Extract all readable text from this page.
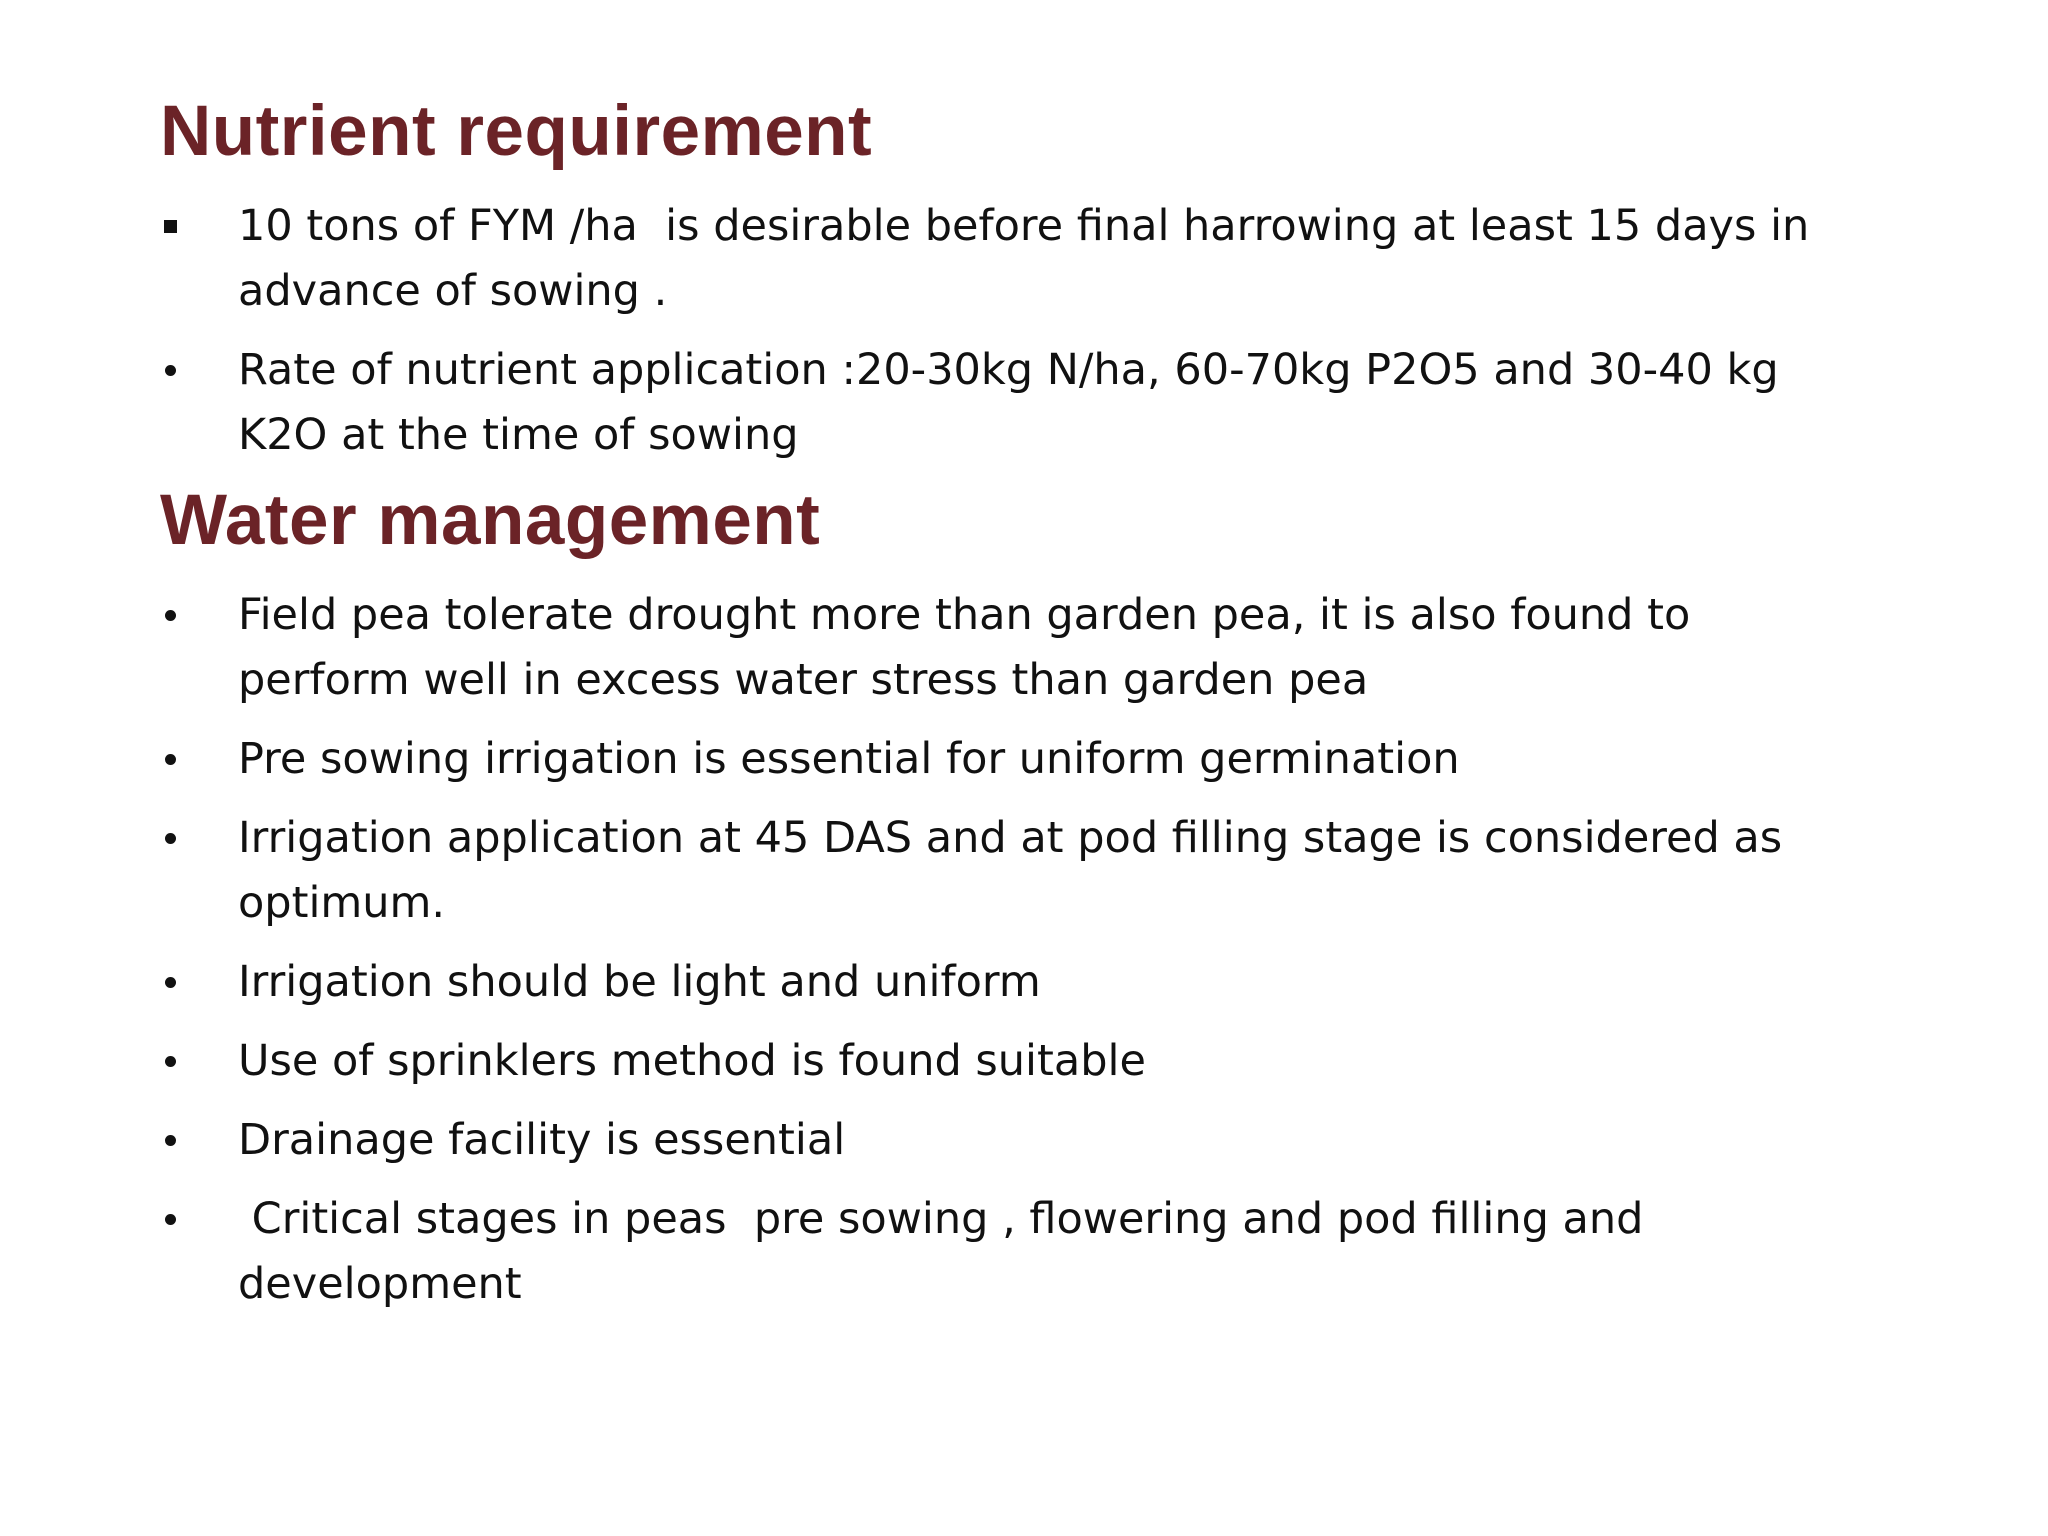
Nutrient requirement
10 tons of FYM /ha  is desirable before final harrowing at least 15 days in advance of sowing .
Rate of nutrient application :20-30kg N/ha, 60-70kg P2O5 and 30-40 kg K2O at the time of sowing
Water management
Field pea tolerate drought more than garden pea, it is also found to perform well in excess water stress than garden pea
Pre sowing irrigation is essential for uniform germination
Irrigation application at 45 DAS and at pod filling stage is considered as optimum.
Irrigation should be light and uniform
Use of sprinklers method is found suitable
Drainage facility is essential
Critical stages in peas  pre sowing , flowering and pod filling and development
